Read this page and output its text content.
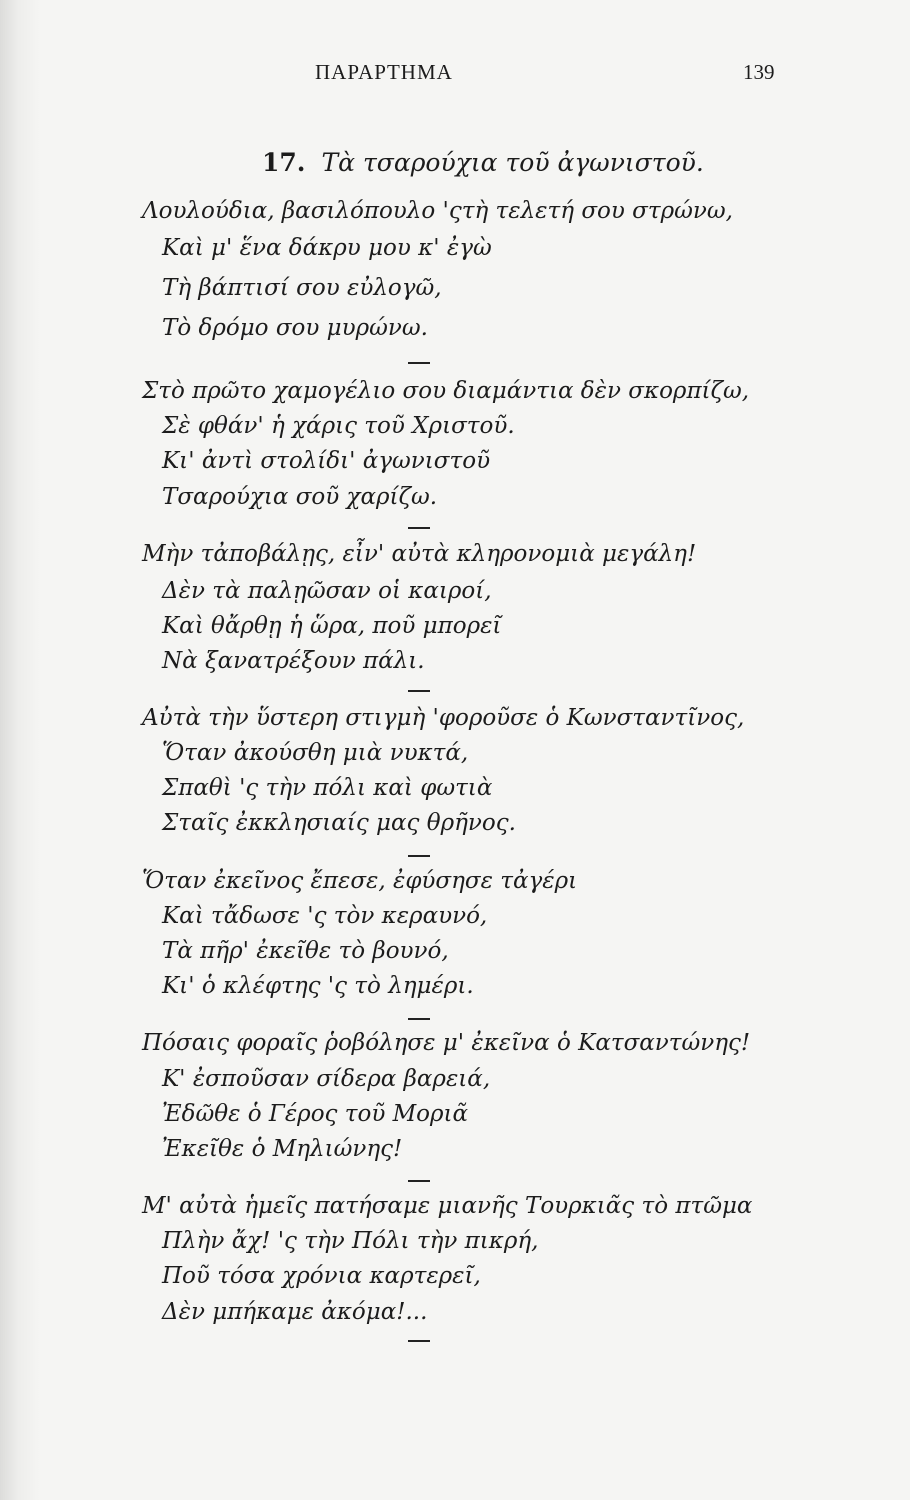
ΠΑΡΑΡΤΗΜΑ	139
17. Τὰ τσαρούχια τοῦ ἀγωνιστοῦ.
Λουλούδια, βασιλόπουλο 'ςτὴ τελετή σου στρώνω,
Καὶ μ' ἕνα δάκρυ μου κ' ἐγὼ
Τὴ βάπτισί σου εὐλογῶ,
Τὸ δρόμο σου μυρώνω.
Στὸ πρῶτο χαμογέλιο σου διαμάντια δὲν σκορπίζω,
Σὲ φθάν' ἡ χάρις τοῦ Χριστοῦ.
Κι' ἀντὶ στολίδι' ἀγωνιστοῦ
Τσαρούχια σοῦ χαρίζω.
Μὴν τἀποβάλῃς, εἶν' αὐτὰ κληρονομιὰ μεγάλη!
Δὲν τὰ παλῃῶσαν οἱ καιροί,
Καὶ θἄρθῃ ἡ ὥρα, ποῦ μπορεῖ
Νὰ ξανατρέξουν πάλι.
Αὐτὰ τὴν ὕστερη στιγμὴ 'φοροῦσε ὁ Κωνσταντῖνος,
Ὅταν ἀκούσθη μιὰ νυκτά,
Σπαθὶ 'ς τὴν πόλι καὶ φωτιὰ
Σταῖς ἐκκλησιαίς μας θρῆνος.
Ὅταν ἐκεῖνος ἔπεσε, ἐφύσησε τἀγέρι
Καὶ τἄδωσε 'ς τὸν κεραυνό,
Τὰ πῆρ' ἐκεῖθε τὸ βουνό,
Κι' ὁ κλέφτης 'ς τὸ λημέρι.
Πόσαις φοραῖς ῥοβόλησε μ' ἐκεῖνα ὁ Κατσαντώνης!
Κ' ἐσποῦσαν σίδερα βαρειά,
Ἐδῶθε ὁ Γέρος τοῦ Μοριᾶ
Ἐκεῖθε ὁ Μηλιώνης!
Μ' αὐτὰ ἡμεῖς πατήσαμε μιανῆς Τουρκιᾶς τὸ πτῶμα
Πλὴν ἄχ! 'ς τὴν Πόλι τὴν πικρή,
Ποῦ τόσα χρόνια καρτερεῖ,
Δὲν μπήκαμε ἀκόμα!...
